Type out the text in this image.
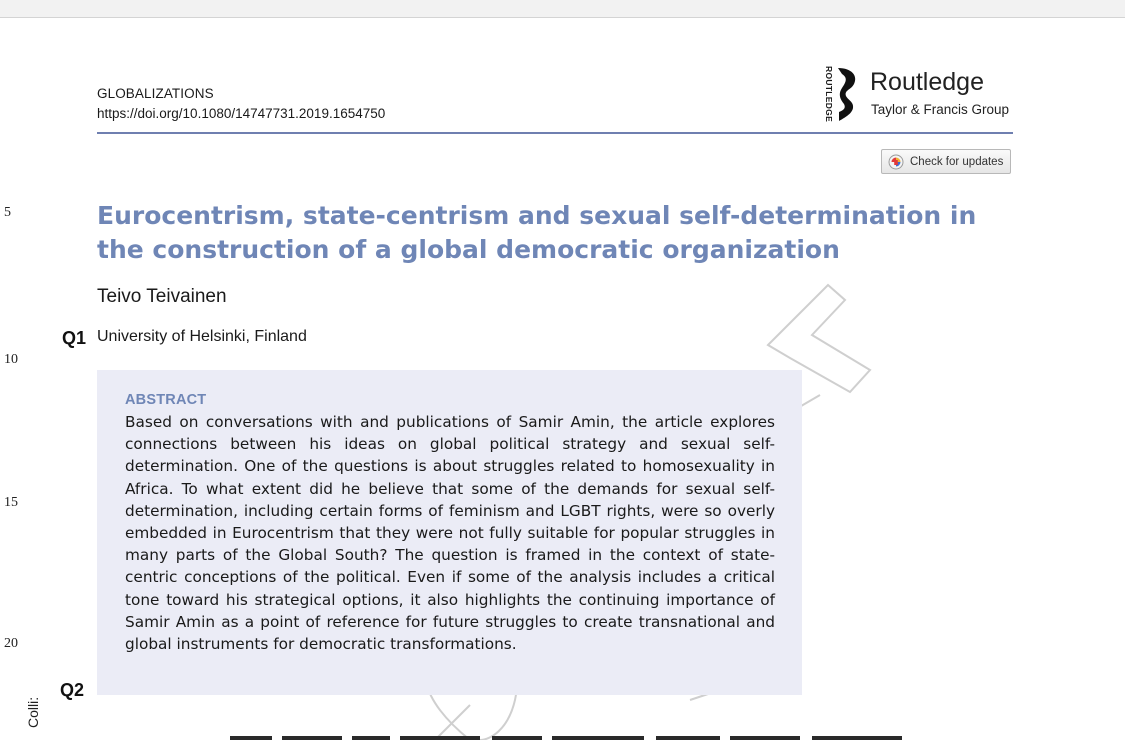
GLOBALIZATIONS
https://doi.org/10.1080/14747731.2019.1654750	ROUTLEDGE Routledge
Taylor & Francis Group
Check for updates
5
10
15
20
Eurocentrism, state-centrism and sexual self-determination in the construction of a global democratic organization
Teivo Teivainen
Q1 University of Helsinki, Finland
ABSTRACT

Based on conversations with and publications of Samir Amin, the article explores connections between his ideas on global political strategy and sexual self-determination. One of the questions is about struggles related to homosexuality in Africa. To what extent did he believe that some of the demands for sexual self-determination, including certain forms of feminism and LGBT rights, were so overly embedded in Eurocentrism that they were not fully suitable for popular struggles in many parts of the Global South? The question is framed in the context of state-centric conceptions of the political. Even if some of the analysis includes a critical tone toward his strategical options, it also highlights the continuing importance of Samir Amin as a point of reference for future struggles to create transnational and global instruments for democratic transformations.

Q2
Colli:
